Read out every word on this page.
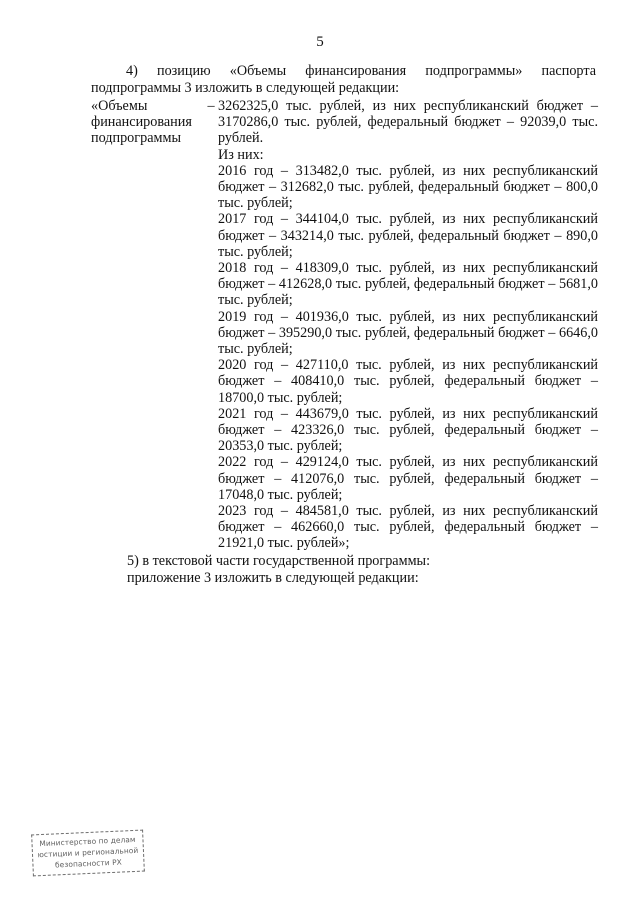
5
4) позицию «Объемы финансирования подпрограммы» паспорта подпрограммы 3 изложить в следующей редакции:
«Объемы финансирования подпрограммы
– 3262325,0 тыс. рублей, из них республиканский бюджет – 3170286,0 тыс. рублей, федеральный бюджет – 92039,0 тыс. рублей.

Из них:

2016 год – 313482,0 тыс. рублей, из них республиканский бюджет – 312682,0 тыс. рублей, федеральный бюджет – 800,0 тыс. рублей;

2017 год – 344104,0 тыс. рублей, из них республиканский бюджет – 343214,0 тыс. рублей, федеральный бюджет – 890,0 тыс. рублей;

2018 год – 418309,0 тыс. рублей, из них республиканский бюджет – 412628,0 тыс. рублей, федеральный бюджет – 5681,0 тыс. рублей;

2019 год – 401936,0 тыс. рублей, из них республиканский бюджет – 395290,0 тыс. рублей, федеральный бюджет – 6646,0 тыс. рублей;

2020 год – 427110,0 тыс. рублей, из них республиканский бюджет – 408410,0 тыс. рублей, федеральный бюджет – 18700,0 тыс. рублей;

2021 год – 443679,0 тыс. рублей, из них республиканский бюджет – 423326,0 тыс. рублей, федеральный бюджет – 20353,0 тыс. рублей;

2022 год – 429124,0 тыс. рублей, из них республиканский бюджет – 412076,0 тыс. рублей, федеральный бюджет – 17048,0 тыс. рублей;

2023 год – 484581,0 тыс. рублей, из них республиканский бюджет – 462660,0 тыс. рублей, федеральный бюджет – 21921,0 тыс. рублей»;

5) в текстовой части государственной программы:

приложение 3 изложить в следующей редакции:

Министерство по делам
юстиции и региональной
безопасности РХ
